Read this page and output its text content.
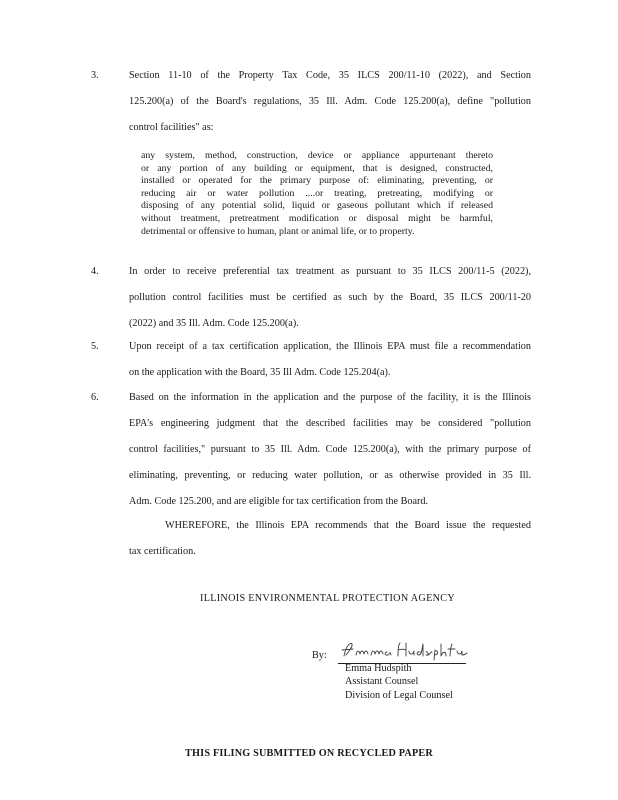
3.	Section 11-10 of the Property Tax Code, 35 ILCS 200/11-10 (2022), and Section
125.200(a) of the Board's regulations, 35 Ill. Adm. Code 125.200(a), define "pollution
control facilities" as:
any system, method, construction, device or appliance appurtenant thereto
or any portion of any building or equipment, that is designed, constructed,
installed or operated for the primary purpose of: eliminating, preventing, or
reducing air or water pollution ....or treating, pretreating, modifying or
disposing of any potential solid, liquid or gaseous pollutant which if released
without treatment, pretreatment modification or disposal might be harmful,
detrimental or offensive to human, plant or animal life, or to property.
4.	In order to receive preferential tax treatment as pursuant to 35 ILCS 200/11-5 (2022),
pollution control facilities must be certified as such by the Board, 35 ILCS 200/11-20
(2022) and 35 Ill. Adm. Code 125.200(a).
5.	Upon receipt of a tax certification application, the Illinois EPA must file a recommendation
on the application with the Board, 35 Ill Adm. Code 125.204(a).
6.	Based on the information in the application and the purpose of the facility, it is the Illinois
EPA's engineering judgment that the described facilities may be considered "pollution
control facilities," pursuant to 35 Ill. Adm. Code 125.200(a), with the primary purpose of
eliminating, preventing, or reducing water pollution, or as otherwise provided in 35 Ill.
Adm. Code 125.200, and are eligible for tax certification from the Board.
WHEREFORE, the Illinois EPA recommends that the Board issue the requested
tax certification.
ILLINOIS ENVIRONMENTAL PROTECTION AGENCY
By:
Emma Hudspith
Assistant Counsel
Division of Legal Counsel
THIS FILING SUBMITTED ON RECYCLED PAPER
